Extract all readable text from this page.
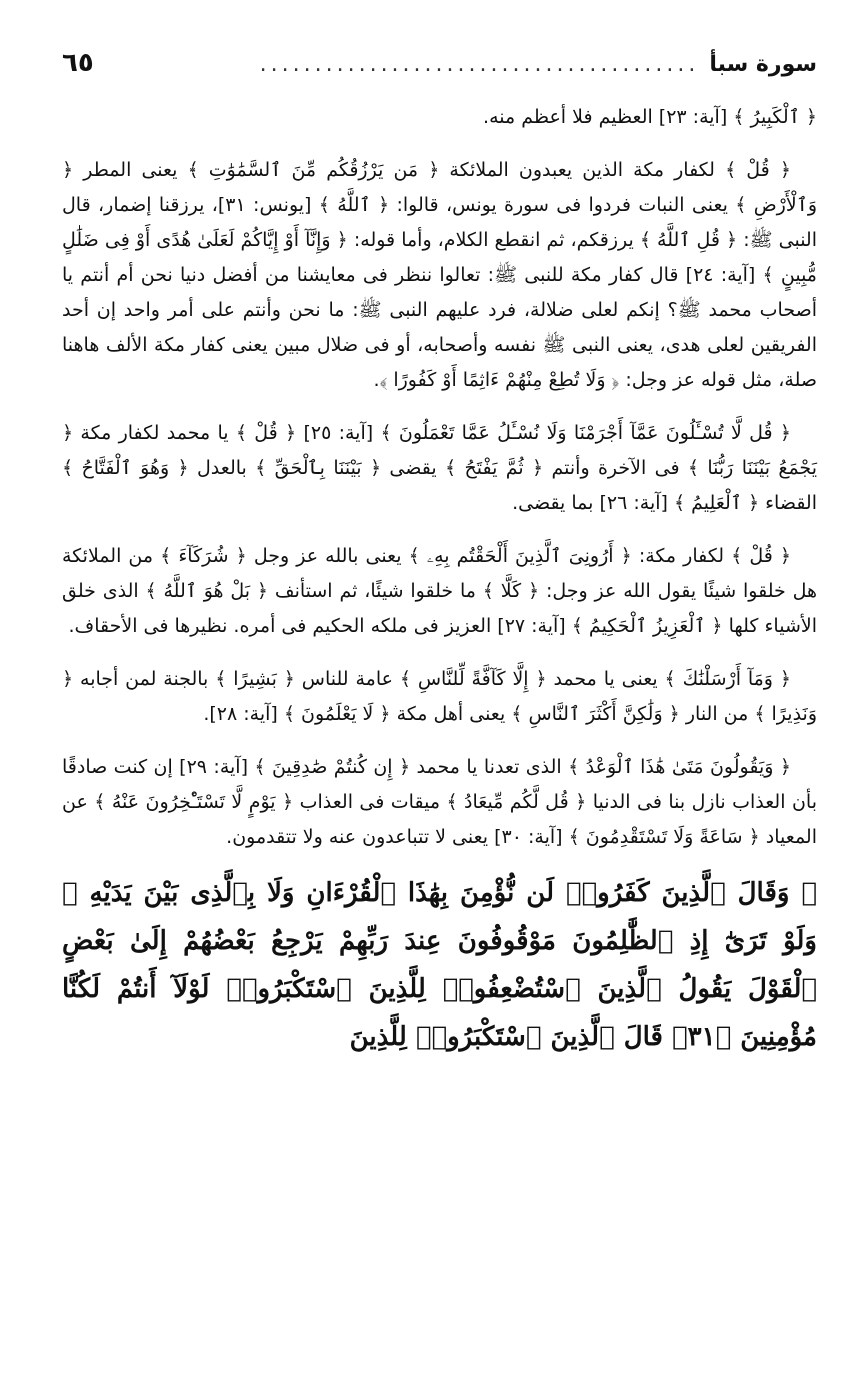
سورة سبأ
........................................
٦٥

﴿ ٱلْكَبِيرُ ﴾ [آية: ٢٣] العظيم فلا أعظم منه.

﴿ قُلْ ﴾ لكفار مكة الذين يعبدون الملائكة ﴿ مَن يَرْزُقُكُم مِّنَ ٱلسَّمَٰوَٰتِ ﴾ يعنى المطر ﴿ وَٱلْأَرْضِ ﴾ يعنى النبات فردوا فى سورة يونس، قالوا: ﴿ ٱللَّهُ ﴾ [يونس: ٣١]، يرزقنا إضمار، قال النبى ﷺ: ﴿ قُلِ ٱللَّهُ ﴾ يرزقكم، ثم انقطع الكلام، وأما قوله: ﴿ وَإِنَّآ أَوْ إِيَّاكُمْ لَعَلَىٰ هُدًى أَوْ فِى ضَلَٰلٍ مُّبِينٍ ﴾ [آية: ٢٤] قال كفار مكة للنبى ﷺ: تعالوا ننظر فى معايشنا من أفضل دنيا نحن أم أنتم يا أصحاب محمد ﷺ؟ إنكم لعلى ضلالة، فرد عليهم النبى ﷺ: ما نحن وأنتم على أمر واحد إن أحد الفريقين لعلى هدى، يعنى النبى ﷺ نفسه وأصحابه، أو فى ضلال مبين يعنى كفار مكة الألف هاهنا صلة، مثل قوله عز وجل: ﴿ وَلَا تُطِعْ مِنْهُمْ ءَاثِمًا أَوْ كَفُورًا ﴾.

﴿ قُل لَّا تُسْـَٔلُونَ عَمَّآ أَجْرَمْنَا وَلَا نُسْـَٔلُ عَمَّا تَعْمَلُونَ ﴾ [آية: ٢٥] ﴿ قُلْ ﴾ يا محمد لكفار مكة ﴿ يَجْمَعُ بَيْنَنَا رَبُّنَا ﴾ فى الآخرة وأنتم ﴿ ثُمَّ يَفْتَحُ ﴾ يقضى ﴿ بَيْنَنَا بِٱلْحَقِّ ﴾ بالعدل ﴿ وَهُوَ ٱلْفَتَّاحُ ﴾ القضاء ﴿ ٱلْعَلِيمُ ﴾ [آية: ٢٦] بما يقضى.

﴿ قُلْ ﴾ لكفار مكة: ﴿ أَرُونِىَ ٱلَّذِينَ أَلْحَقْتُم بِهِۦ ﴾ يعنى بالله عز وجل ﴿ شُرَكَآءَ ﴾ من الملائكة هل خلقوا شيئًا يقول الله عز وجل: ﴿ كَلَّا ﴾ ما خلقوا شيئًا، ثم استأنف ﴿ بَلْ هُوَ ٱللَّهُ ﴾ الذى خلق الأشياء كلها ﴿ ٱلْعَزِيزُ ٱلْحَكِيمُ ﴾ [آية: ٢٧] العزيز فى ملكه الحكيم فى أمره. نظيرها فى الأحقاف.

﴿ وَمَآ أَرْسَلْنَٰكَ ﴾ يعنى يا محمد ﴿ إِلَّا كَآفَّةً لِّلنَّاسِ ﴾ عامة للناس ﴿ بَشِيرًا ﴾ بالجنة لمن أجابه ﴿ وَنَذِيرًا ﴾ من النار ﴿ وَلَٰكِنَّ أَكْثَرَ ٱلنَّاسِ ﴾ يعنى أهل مكة ﴿ لَا يَعْلَمُونَ ﴾ [آية: ٢٨].

﴿ وَيَقُولُونَ مَتَىٰ هَٰذَا ٱلْوَعْدُ ﴾ الذى تعدنا يا محمد ﴿ إِن كُنتُمْ صَٰدِقِينَ ﴾ [آية: ٢٩] إن كنت صادقًا بأن العذاب نازل بنا فى الدنيا ﴿ قُل لَّكُم مِّيعَادُ ﴾ ميقات فى العذاب ﴿ يَوْمٍ لَّا تَسْتَـْٔخِرُونَ عَنْهُ ﴾ عن المعياد ﴿ سَاعَةً وَلَا تَسْتَقْدِمُونَ ﴾ [آية: ٣٠] يعنى لا تتباعدون عنه ولا تتقدمون.

﴿ وَقَالَ ٱلَّذِينَ كَفَرُوا۟ لَن نُّؤْمِنَ بِهَٰذَا ٱلْقُرْءَانِ وَلَا بِٱلَّذِى بَيْنَ يَدَيْهِ ۗ وَلَوْ تَرَىٰٓ إِذِ ٱلظَّٰلِمُونَ مَوْقُوفُونَ عِندَ رَبِّهِمْ يَرْجِعُ بَعْضُهُمْ إِلَىٰ بَعْضٍ ٱلْقَوْلَ يَقُولُ ٱلَّذِينَ ٱسْتُضْعِفُوا۟ لِلَّذِينَ ٱسْتَكْبَرُوا۟ لَوْلَآ أَنتُمْ لَكُنَّا مُؤْمِنِينَ ﴿٣١﴾ قَالَ ٱلَّذِينَ ٱسْتَكْبَرُوا۟ لِلَّذِينَ
